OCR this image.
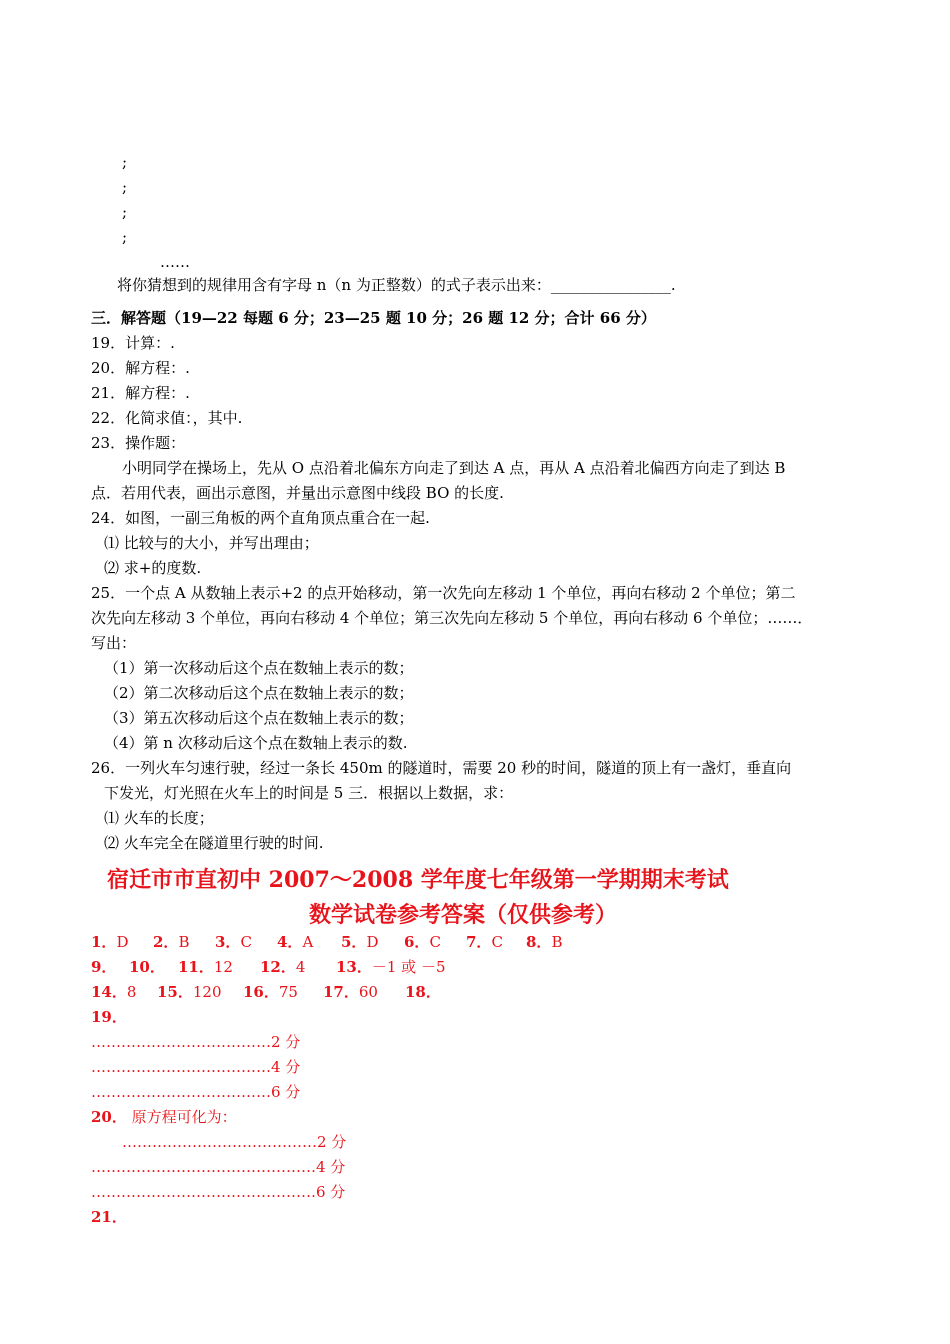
;
;
;
;
……
将你猜想到的规律用含有字母 n（n 为正整数）的式子表示出来：________________.
三．解答题（19—22 每题 6 分；23—25 题 10 分；26 题 12 分；合计 66 分）
19．计算：.
20．解方程：.
21．解方程：.
22．化简求值：，其中.
23．操作题：
小明同学在操场上，先从 O 点沿着北偏东方向走了到达 A 点，再从 A 点沿着北偏西方向走了到达 B
点．若用代表，画出示意图，并量出示意图中线段 BO 的长度.
24．如图，一副三角板的两个直角顶点重合在一起.
⑴ 比较与的大小，并写出理由；
⑵ 求+的度数.
25．一个点 A 从数轴上表示+2 的点开始移动，第一次先向左移动 1 个单位，再向右移动 2 个单位；第二
次先向左移动 3 个单位，再向右移动 4 个单位；第三次先向左移动 5 个单位，再向右移动 6 个单位；……．
写出：
（1）第一次移动后这个点在数轴上表示的数；
（2）第二次移动后这个点在数轴上表示的数；
（3）第五次移动后这个点在数轴上表示的数；
（4）第 n 次移动后这个点在数轴上表示的数.
26．一列火车匀速行驶，经过一条长 450m 的隧道时，需要 20 秒的时间，隧道的顶上有一盏灯，垂直向
下发光，灯光照在火车上的时间是 5 三．根据以上数据，求：
⑴ 火车的长度；
⑵ 火车完全在隧道里行驶的时间.
宿迁市市直初中 2007～2008 学年度七年级第一学期期末考试
数学试卷参考答案（仅供参考）
1．D 2．B 3．C 4．A 5．D 6．C 7．C 8．B
9． 10． 11．12 12．4 13．－1 或 －5
14．8 15．120 16．75 17．60 18．
19．
………………………………2 分
………………………………4 分
………………………………6 分
20． 原方程可化为：
…………………………………2 分
………………………………………4 分
………………………………………6 分
21．
